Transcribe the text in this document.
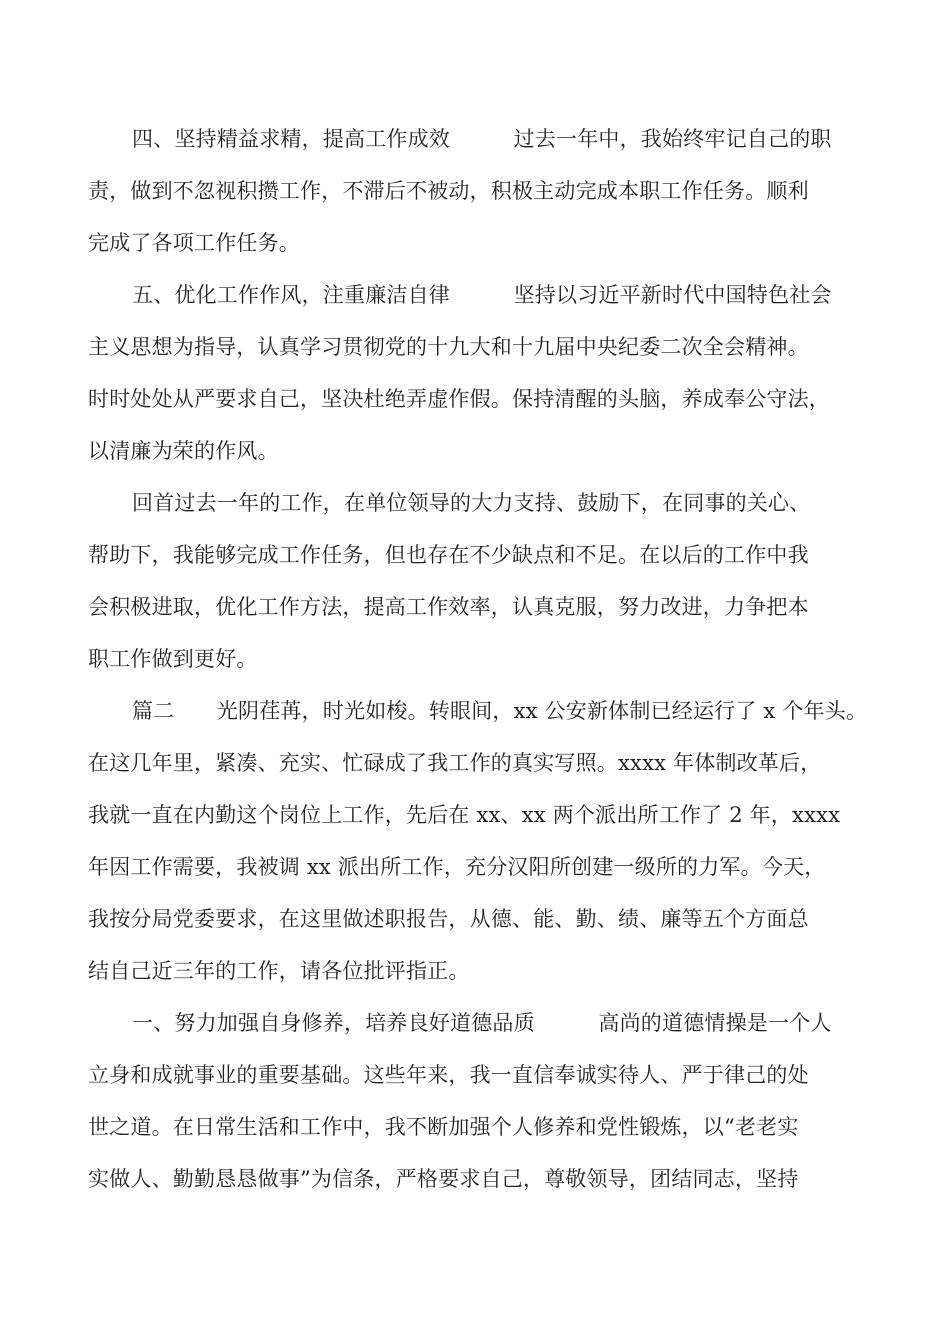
四、坚持精益求精，提高工作成效　　　过去一年中，我始终牢记自己的职
责，做到不忽视积攒工作，不滞后不被动，积极主动完成本职工作任务。顺利
完成了各项工作任务。
五、优化工作作风，注重廉洁自律　　　坚持以习近平新时代中国特色社会
主义思想为指导，认真学习贯彻党的十九大和十九届中央纪委二次全会精神。
时时处处从严要求自己，坚决杜绝弄虚作假。保持清醒的头脑，养成奉公守法，
以清廉为荣的作风。
回首过去一年的工作，在单位领导的大力支持、鼓励下，在同事的关心、
帮助下，我能够完成工作任务，但也存在不少缺点和不足。在以后的工作中我
会积极进取，优化工作方法，提高工作效率，认真克服，努力改进，力争把本
职工作做到更好。
篇二　　光阴荏苒，时光如梭。转眼间，xx 公安新体制已经运行了 x 个年头。
在这几年里，紧凑、充实、忙碌成了我工作的真实写照。xxxx 年体制改革后，
我就一直在内勤这个岗位上工作，先后在 xx、xx 两个派出所工作了 2 年，xxxx
年因工作需要，我被调 xx 派出所工作，充分汉阳所创建一级所的力军。今天，
我按分局党委要求，在这里做述职报告，从德、能、勤、绩、廉等五个方面总
结自己近三年的工作，请各位批评指正。
一、努力加强自身修养，培养良好道德品质　　　高尚的道德情操是一个人
立身和成就事业的重要基础。这些年来，我一直信奉诚实待人、严于律己的处
世之道。在日常生活和工作中，我不断加强个人修养和党性锻炼，以“老老实
实做人、勤勤恳恳做事”为信条，严格要求自己，尊敬领导，团结同志，坚持
